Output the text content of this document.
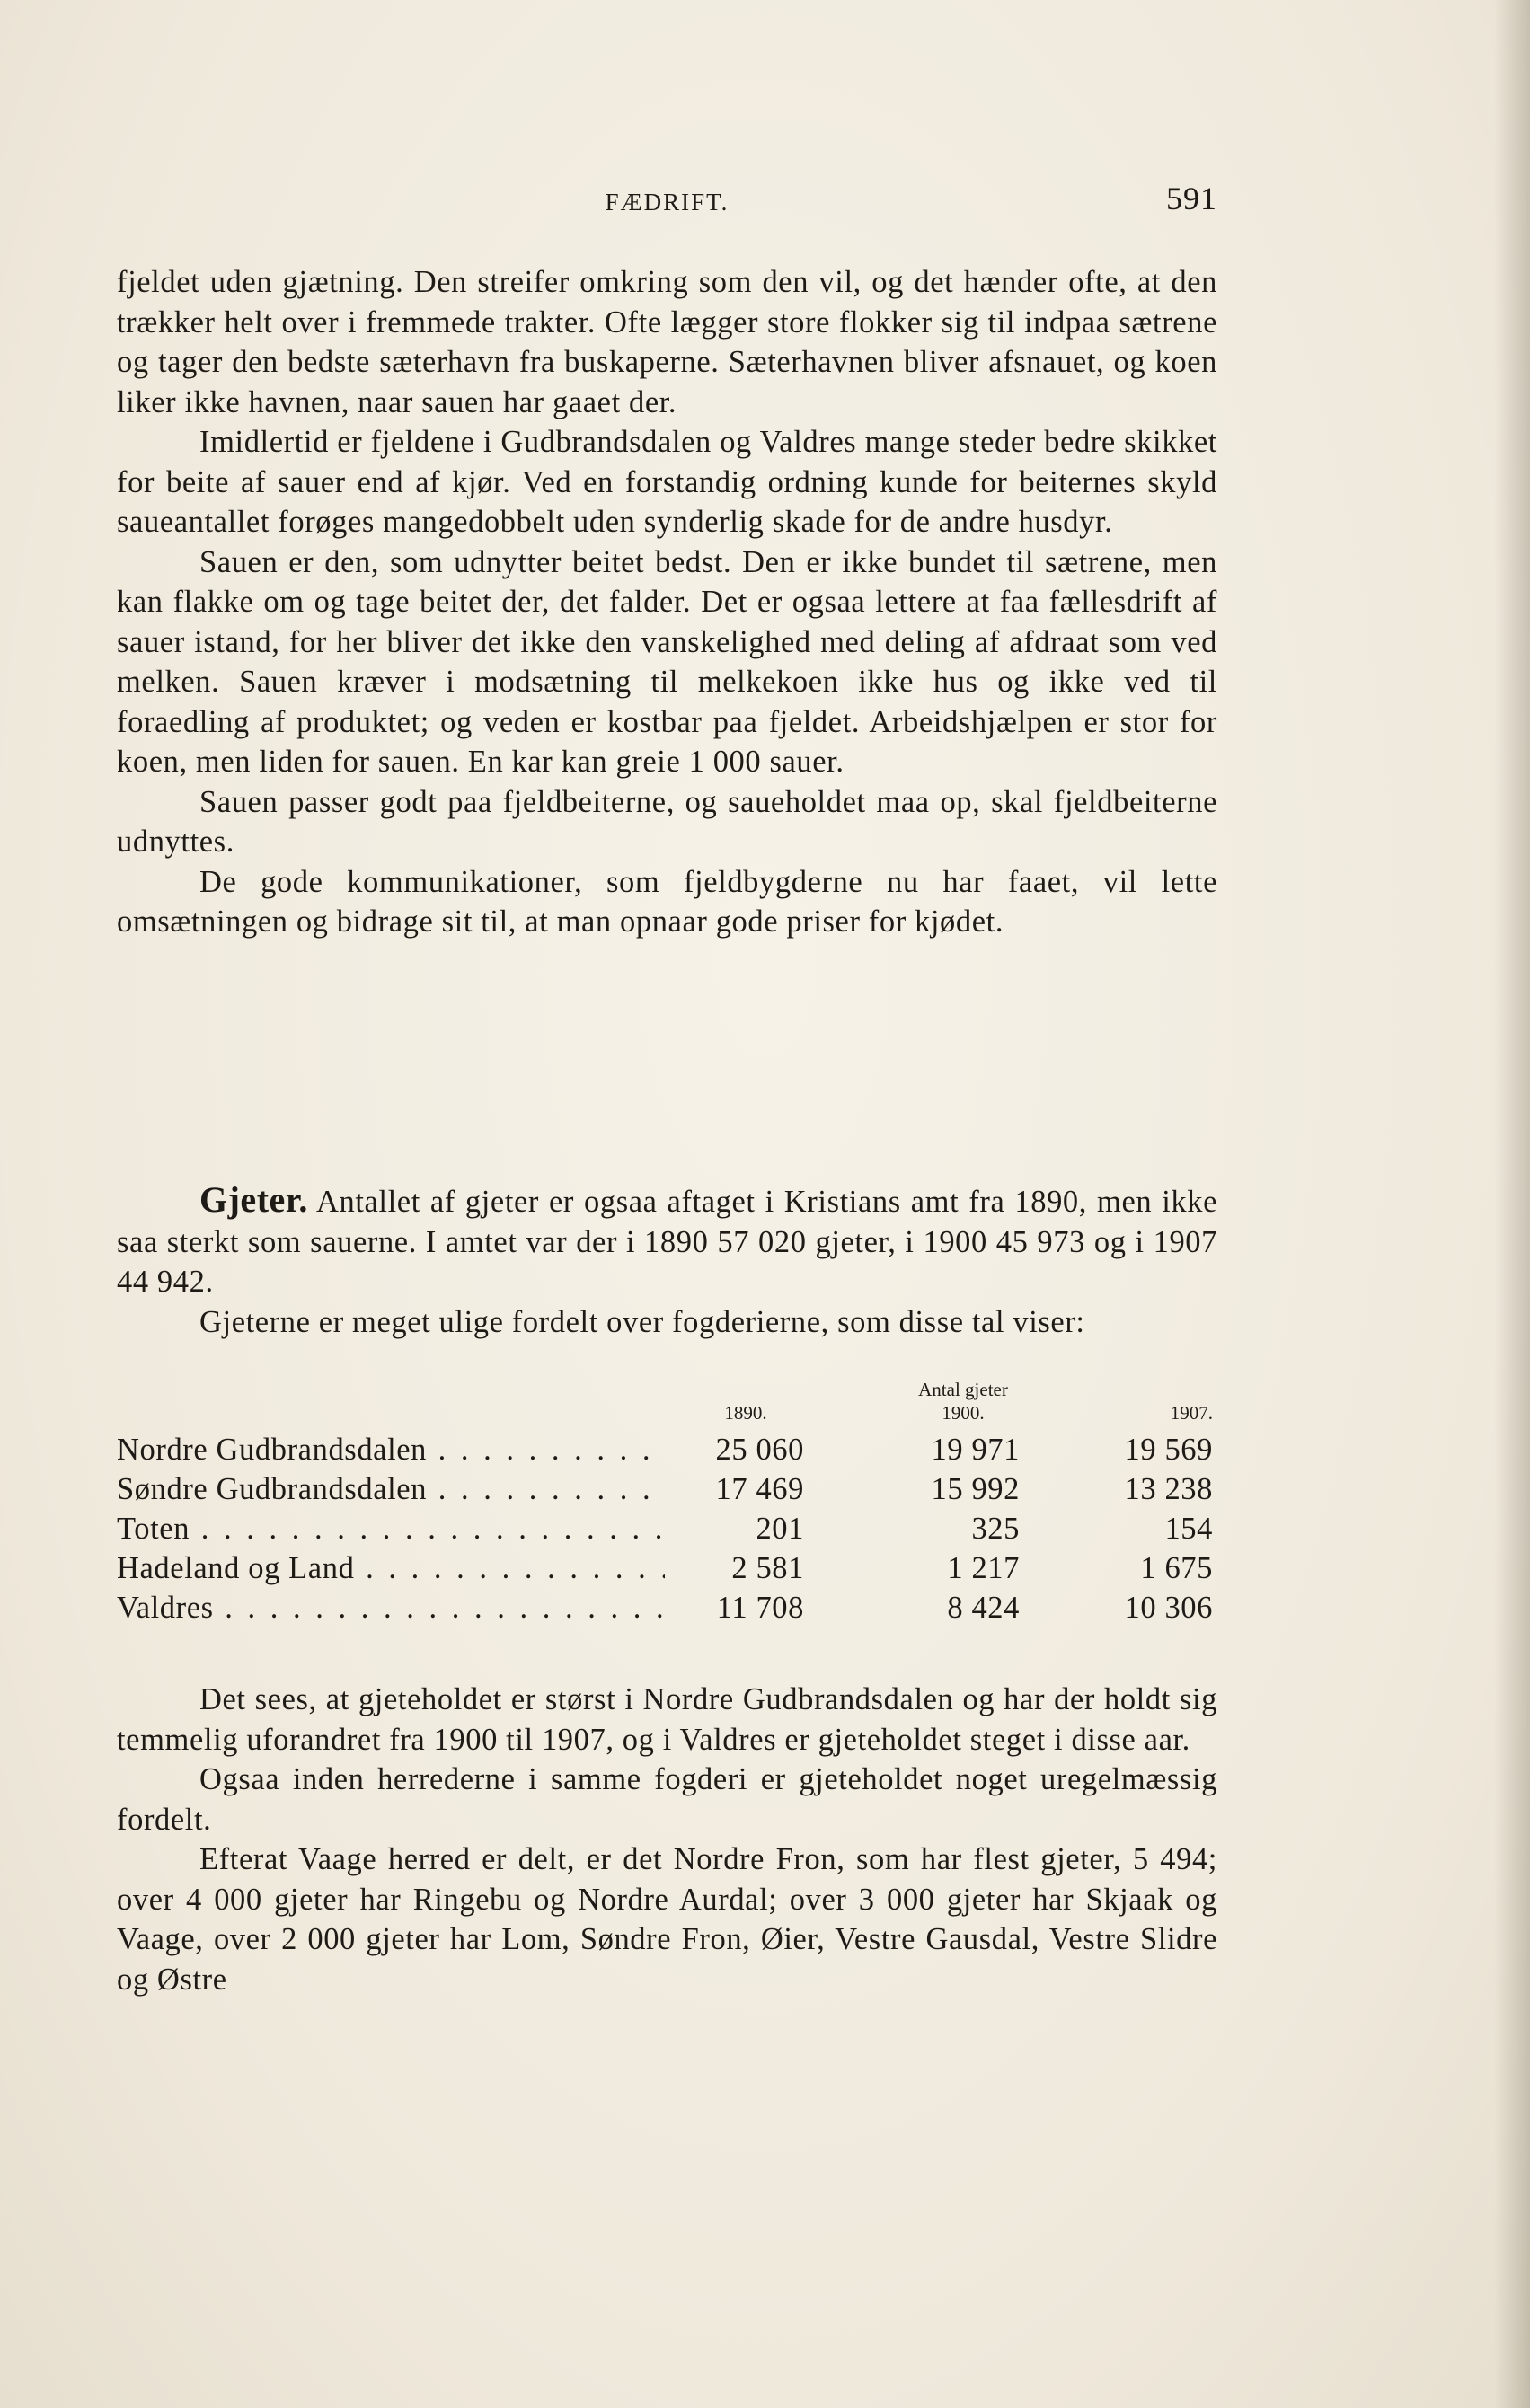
FÆDRIFT.	591

fjeldet uden gjætning. Den streifer omkring som den vil, og det hænder ofte, at den trækker helt over i fremmede trakter. Ofte lægger store flokker sig til indpaa sætrene og tager den bedste sæterhavn fra buskaperne. Sæterhavnen bliver afsnauet, og koen liker ikke havnen, naar sauen har gaaet der.

Imidlertid er fjeldene i Gudbrandsdalen og Valdres mange steder bedre skikket for beite af sauer end af kjør. Ved en forstandig ordning kunde for beiternes skyld saueantallet forøges mangedobbelt uden synderlig skade for de andre husdyr.

Sauen er den, som udnytter beitet bedst. Den er ikke bundet til sætrene, men kan flakke om og tage beitet der, det falder. Det er ogsaa lettere at faa fællesdrift af sauer istand, for her bliver det ikke den vanskelighed med deling af afdraat som ved melken. Sauen kræver i modsætning til melkekoen ikke hus og ikke ved til foraedling af produktet; og veden er kostbar paa fjeldet. Arbeidshjælpen er stor for koen, men liden for sauen. En kar kan greie 1 000 sauer.

Sauen passer godt paa fjeldbeiterne, og saueholdet maa op, skal fjeldbeiterne udnyttes.

De gode kommunikationer, som fjeldbygderne nu har faaet, vil lette omsætningen og bidrage sit til, at man opnaar gode priser for kjødet.

Gjeter. Antallet af gjeter er ogsaa aftaget i Kristians amt fra 1890, men ikke saa sterkt som sauerne. I amtet var der i 1890 57 020 gjeter, i 1900 45 973 og i 1907 44 942.

Gjeterne er meget ulige fordelt over fogderierne, som disse tal viser:

Antal gjeter
1890.	1900.	1907.
Nordre Gudbrandsdalen . . .	25 060	19 971	19 569
Søndre Gudbrandsdalen . . .	17 469	15 992	13 238
Toten . . .	201	325	154
Hadeland og Land . . .	2 581	1 217	1 675
Valdres . . .	11 708	8 424	10 306

Det sees, at gjeteholdet er størst i Nordre Gudbrandsdalen og har der holdt sig temmelig uforandret fra 1900 til 1907, og i Valdres er gjeteholdet steget i disse aar.

Ogsaa inden herrederne i samme fogderi er gjeteholdet noget uregelmæssig fordelt.

Efterat Vaage herred er delt, er det Nordre Fron, som har flest gjeter, 5 494; over 4 000 gjeter har Ringebu og Nordre Aurdal; over 3 000 gjeter har Skjaak og Vaage, over 2 000 gjeter har Lom, Søndre Fron, Øier, Vestre Gausdal, Vestre Slidre og Østre
